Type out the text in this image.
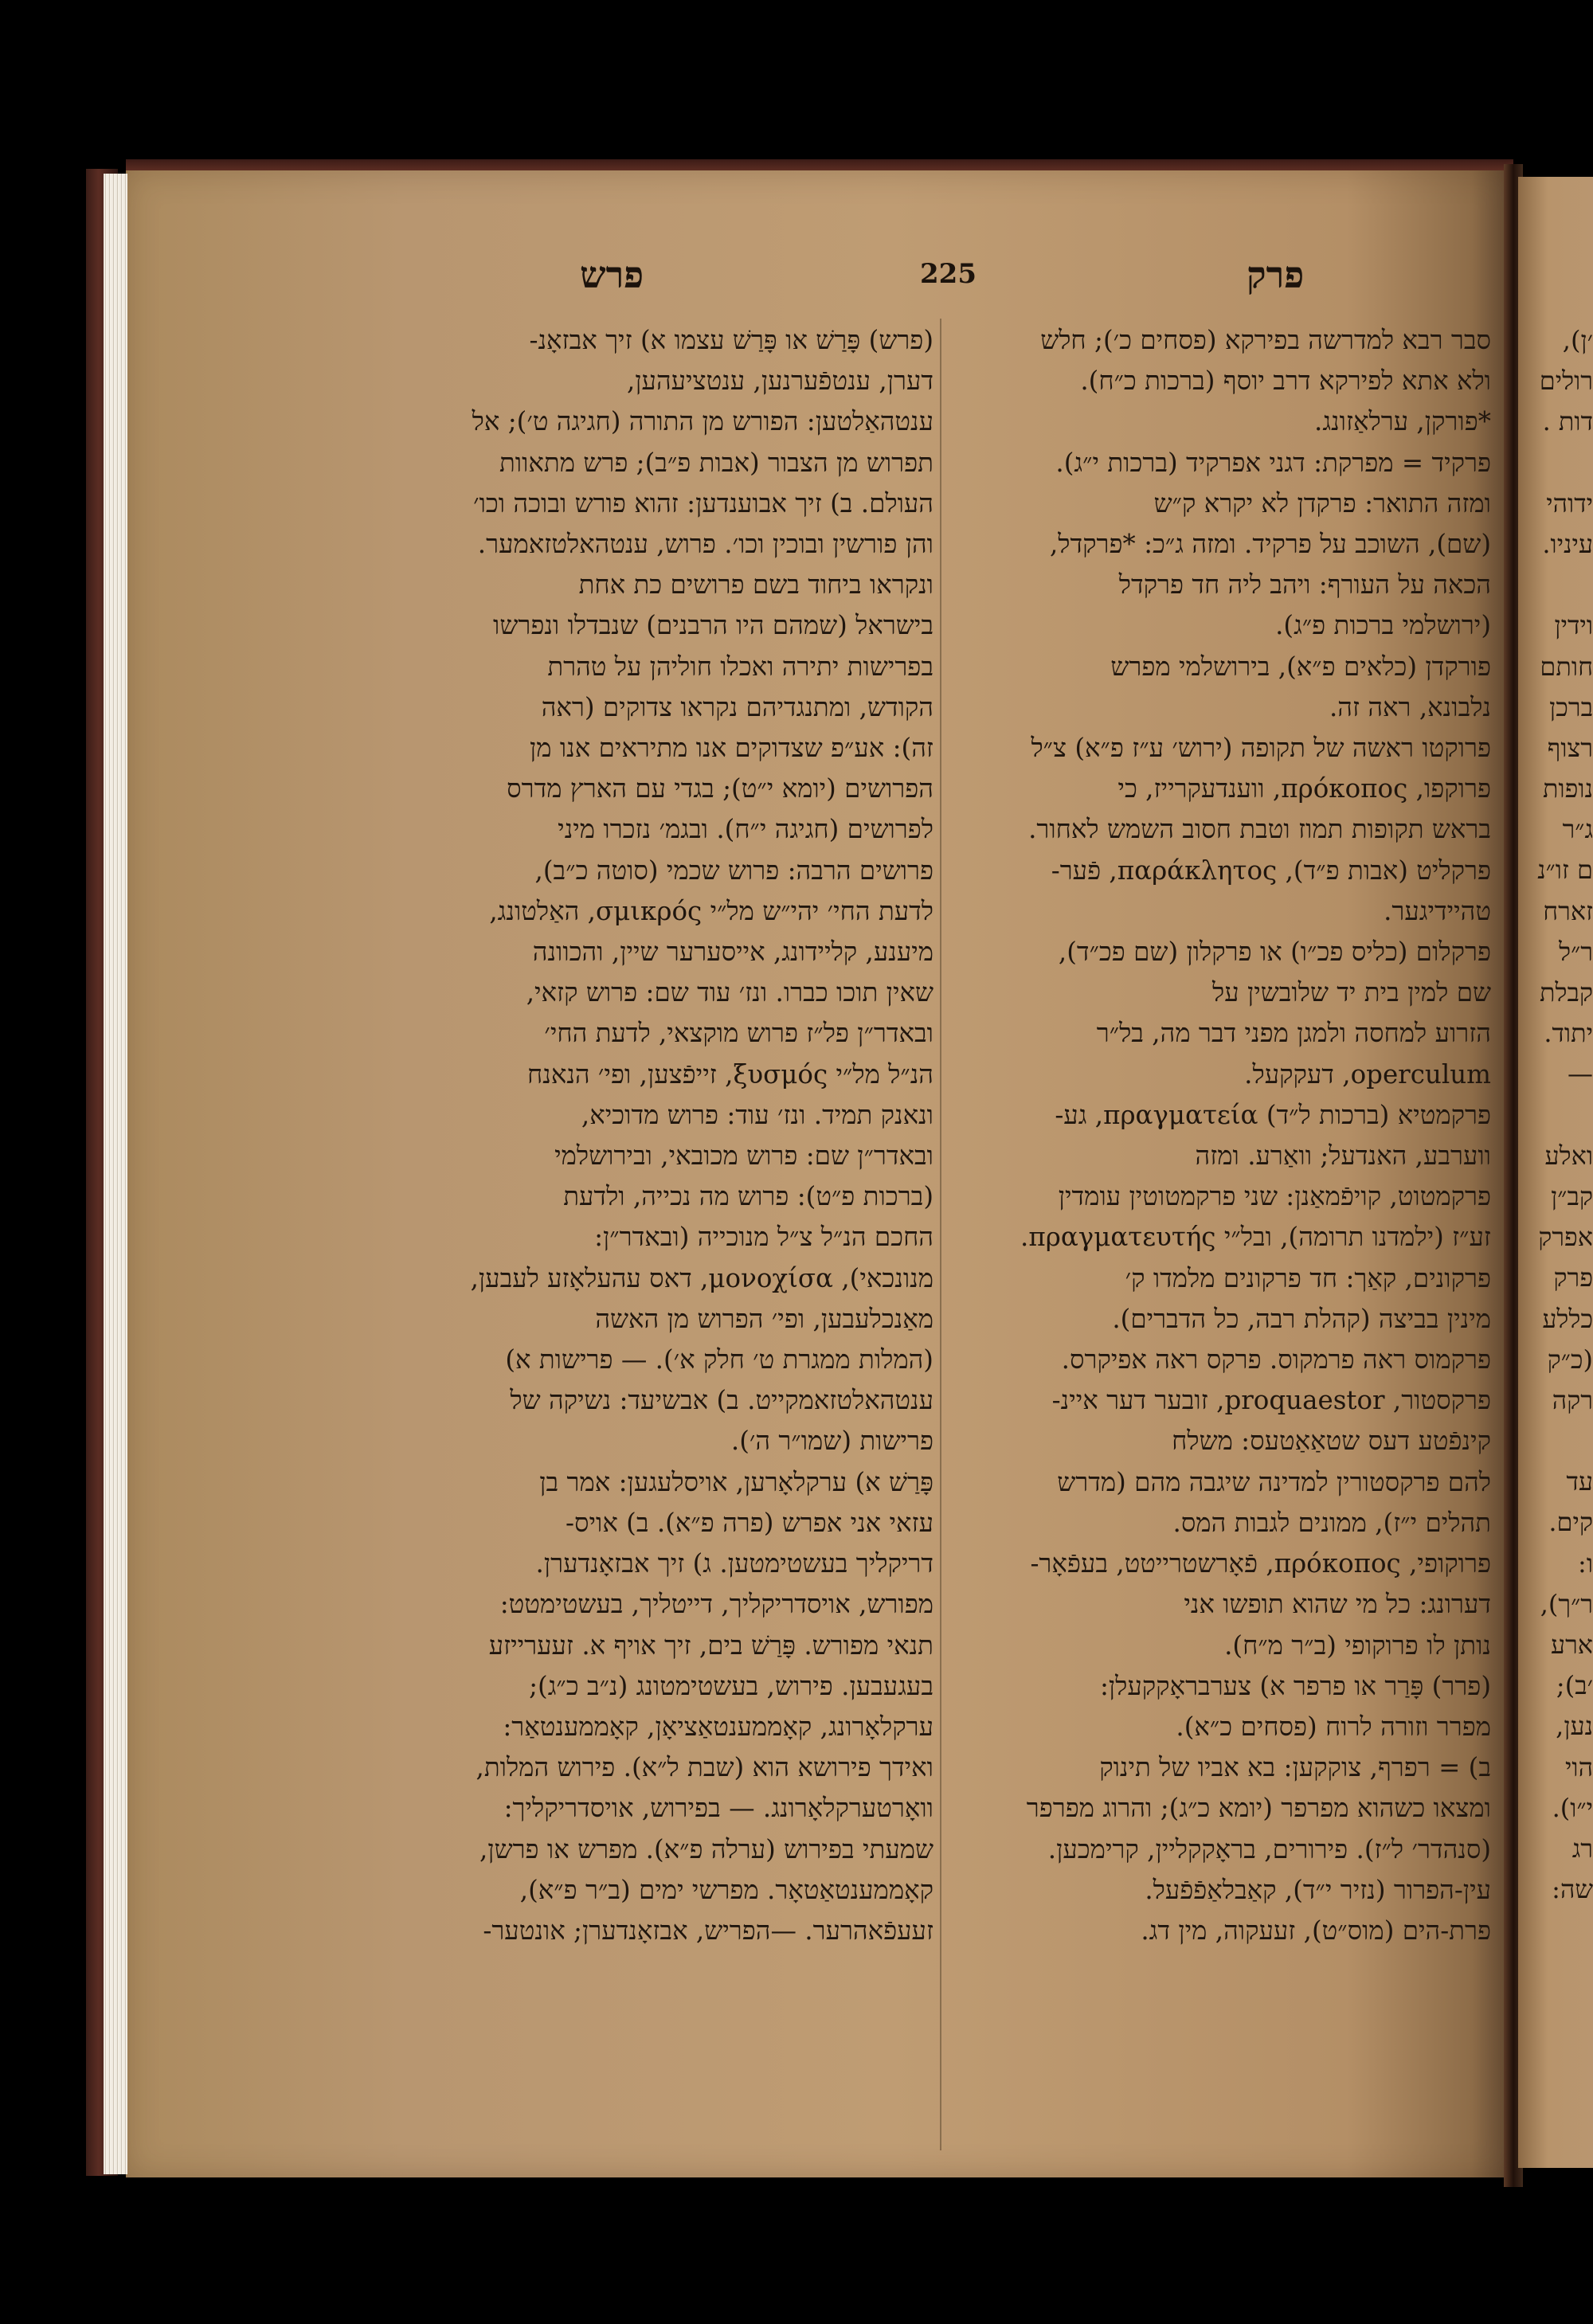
פרש	225	פרק

סבר רבא למדרשה בפירקא (פסחים כ׳); חלש

ולא אתא לפירקא דרב יוסף (ברכות כ״ח).

*פורקן, ערלאַזונג.

פרקיד = מפרקת: דגני אפרקיד (ברכות י״ג).

ומזה התואר: פרקדן לא יקרא ק״ש

(שם), השוכב על פרקיד. ומזה ג״כ: *פרקדל,

הכאה על העורף: ויהב ליה חד פרקדל

(ירושלמי ברכות פ״ג).

פורקדן (כלאים פ״א), בירושלמי מפרש

נלבונא, ראה זה.

פרוקטו ראשה של תקופה (ירוש׳ ע״ז פ״א) צ״ל

פרוקפו, πρόκοπος, ווענדעקרייז, כי

בראש תקופות תמוז וטבת חסוב השמש לאחור.

פרקליט (אבות פ״ד), παράκλητος, פֿער-

טהיידיגער.

פרקלום (כליס פכ״ו) או פרקלון (שם פכ״ד),

שם למין בית יד שלובשין על

הזרוע למחסה ולמגן מפני דבר מה, בל״ר

operculum, דעקקעל.

פרקמטיא (ברכות ל״ד) πραγματεία, גע-

ווערבע, האנדעל; וואַרע. ומזה

פרקמטוט, קויפֿמאַנן: שני פרקמטוטין עומדין

זע״ז (ילמדנו תרומה), ובל״י πραγματευτής.

פרקונים, קאַך: חד פרקונים מלמדו ק׳

מינין בביצה (קהלת רבה, כל הדברים).

פרקמוס ראה פרמקוס. פרקס ראה אפיקרס.

פרקסטור, proquaestor, זובער דער איינ-

קינפֿטע דעס שטאַאַטעס: משלח

להם פרקסטורין למדינה שיגבה מהם (מדרש

תהלים י״ז), ממונים לגבות המס.

פרוקופי, πρόκοπος, פֿאָרשטרייטט, בעפֿאָר-

דערונג: כל מי שהוא תופשו אני

נותן לו פרוקופי (ב״ר מ״ח).

(פרר) פָּרַר או פרפר א) צערבראָקקעלן:

מפרר וזורה לרוח (פסחים כ״א).

ב) = רפרף, צוקקען: בא אביו של תינוק

ומצאו כשהוא מפרפר (יומא כ״ג); והרוג מפרפר

(סנהדר׳ ל״ז). פירורים, בראָקקליין, קרימכען.

עין-הפרור (נזיר י״ד), קאַבלאַפֿפֿעל.

פרת-הים (מוס״ט), זעעקוה, מין דג.

(פרש) פָּרַשׁ או פָּרַשׁ עצמו א) זיך אבזאָנ-

דערן, ענטפֿערנען, ענטציעהען,

ענטהאַלטען: הפורש מן התורה (חגיגה ט׳); אל

תפרוש מן הצבור (אבות פ״ב); פרש מתאוות

העולם. ב) זיך אבוענדען: זהוא פורש ובוכה וכו׳

והן פורשין ובוכין וכו׳. פרוש, ענטהאלטזאמער.

ונקראו ביחוד בשם פרושים כת אחת

בישראל (שמהם היו הרבנים) שנבדלו ונפרשו

בפרישות יתירה ואכלו חוליהן על טהרת

הקודש, ומתנגדיהם נקראו צדוקים (ראה

זה): אע״פ שצדוקים אנו מתיראים אנו מן

הפרושים (יומא י״ט); בגדי עם הארץ מדרס

לפרושים (חגיגה י״ח). ובגמ׳ נזכרו מיני

פרושים הרבה: פרוש שכמי (סוטה כ״ב),

לדעת החי׳ יהי״ש מל״י σμικρός, האַלטונג,

מיענע, קליידונג, אייסערער שיין, והכוונה

שאין תוכו כברו. ונז׳ עוד שם: פרוש קזאי,

ובאדר״ן פל״ז פרוש מוקצאי, לדעת החי׳

הנ״ל מל״י ξυσμός, זייפֿצען, ופי׳ הנאנח

ונאנק תמיד. ונז׳ עוד: פרוש מדוכיא,

ובאדר״ן שם: פרוש מכובאי, ובירושלמי

(ברכות פ״ט): פרוש מה נכייה, ולדעת

החכם הנ״ל צ״ל מנוכייה (ובאדר״ן:

מנונכאי), μονοχίσα, דאס עהעלאָזע לעבען,

מאַנכלעבען, ופי׳ הפרוש מן האשה

(המלות ממגרת ט׳ חלק א׳). — פרישות א)

ענטהאלטזאמקייט. ב) אבשיעד: נשיקה של

פרישות (שמו״ר ה׳).

פָּרַשׁ א) ערקלאָרען, אויסלעגען: אמר בן

עזאי אני אפרש (פרה פ״א). ב) אויס-

דריקליך בעשטימטען. ג) זיך אבזאָנדערן.

מפורש, אויסדריקליך, דייטליך, בעשטימטט:

תנאי מפורש. פָּרַשׁ בים, זיך אויף א. זעערייזע

בעגעבען. פירוש, בעשטימטונג (נ״ב כ״ג);

ערקלאָרונג, קאָממענטאַציאָן, קאָממענטאַר:

ואידך פירושא הוא (שבת ל״א). פירוש המלות,

וואָרטערקלאָרונג. — בפירוש, אויסדריקליך:

שמעתי בפירוש (ערלה פ״א). מפרש או פרשן,

קאָממענטאַטאָר. מפרשי ימים (ב״ר פ״א),

זעעפֿאהרער. —הפריש, אבזאָנדערן; אונטער-

׳ן),
רולים
דות .
ידוהי
עיניו.
וידין
חותם
ברכן
רצוף
נופות
ג״ר
ם זו״נ
זארח
ר״ל
קבלת
יתוד.
—
ואלע
קב״ן
אפרק
פרק
כללע
(כ״ק
רקה
עד
קים.
ו:
ר״ך),
ארע
׳ב);
נען,
הוי
י״ו).
רג
שה:
